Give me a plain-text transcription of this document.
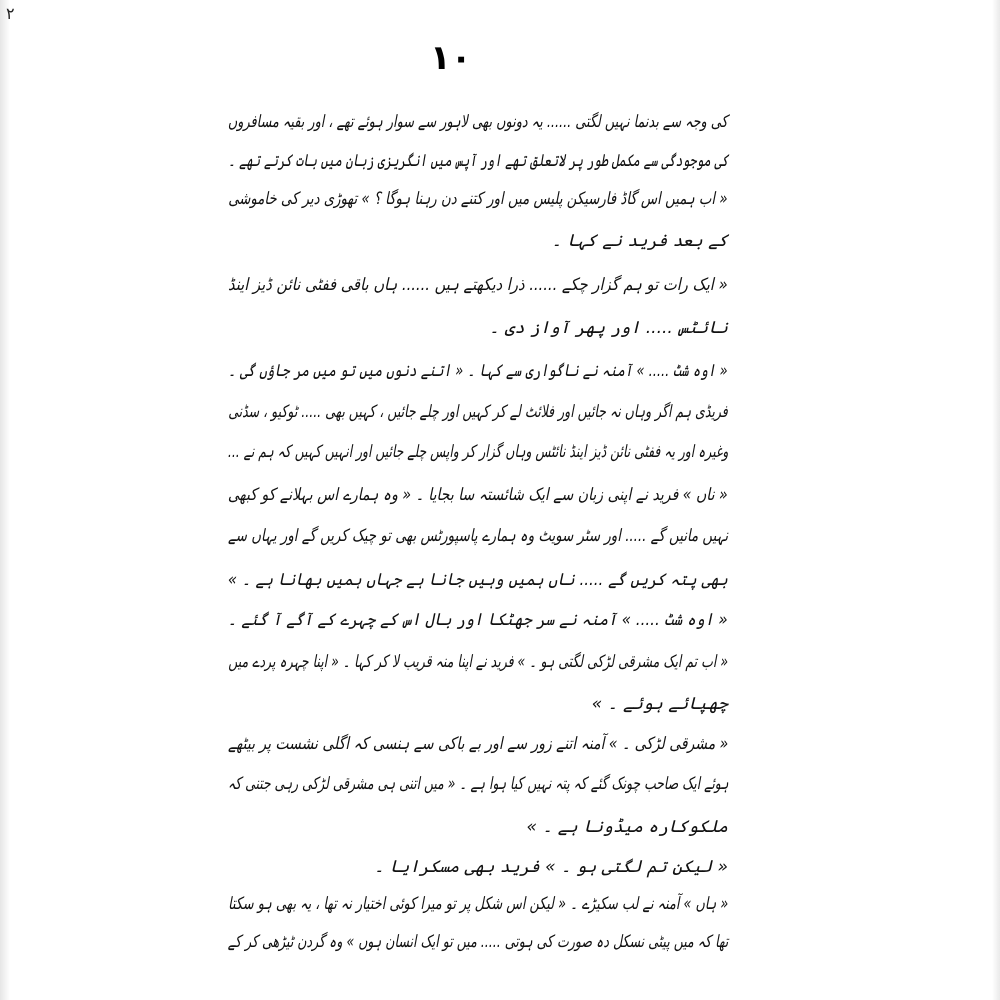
۲
۱۰
کی وجہ سے بدنما نہیں لگتی ...... یہ دونوں بھی لاہور سے سوار ہوئے تھے ، اور بقیہ مسافروں
کی موجودگی سے مکمل طور پر لاتعلق تھے اور آپس میں انگریزی زبان میں بات کرتے تھے ۔
« اب ہمیں اس گاڈ فارسیکن پلیس میں اور کتنے دن رہنا ہوگا ؟ » تھوڑی دیر کی خاموشی
کے بعد فرید نے کہا ۔
« ایک رات تو ہم گزار چکے ...... ذرا دیکھتے ہیں ...... ہاں باقی ففٹی نائن ڈیز اینڈ
نائٹس ..... اور پھر آواز دی ۔
« اوہ شٹ ..... » آمنہ نے ناگواری سے کہا ۔ « اتنے دنوں میں تو میں مر جاؤں گی ۔
فریڈی ہم اگر وہاں نہ جائیں اور فلائٹ لے کر کہیں اور چلے جائیں ، کہیں بھی ..... ٹوکیو ، سڈنی
وغیرہ اور یہ ففٹی نائن ڈیز اینڈ نائٹس وہاں گزار کر واپس چلے جائیں اور انہیں کہیں کہ ہم نے ...
« ناں » فرید نے اپنی زبان سے ایک شائستہ سا بجایا ۔ « وہ ہمارے اس بہلانے کو کبھی
نہیں مانیں گے ..... اور سٹر سویٹ وہ ہمارے پاسپورٹس بھی تو چیک کریں گے اور یہاں سے
بھی پتہ کریں گے ..... ناں ہمیں وہیں جانا ہے جہاں ہمیں بھانا ہے ۔ »
« اوہ شٹ ..... » آمنہ نے سر جھٹکا اور بال اس کے چہرے کے آگے آ گئے ۔
« اب تم ایک مشرقی لڑکی لگتی ہو ۔ » فرید نے اپنا منہ قریب لا کر کہا ۔ « اپنا چہرہ پردے میں
چھپائے ہوئے ۔ »
« مشرقی لڑکی ۔ » آمنہ اتنے زور سے اور بے باکی سے ہنسی کہ اگلی نشست پر بیٹھے
ہوئے ایک صاحب چونک گئے کہ پتہ نہیں کیا ہوا ہے ۔ « میں اتنی ہی مشرقی لڑکی رہی جتنی کہ
ملکوکارہ میڈونا ہے ۔ »
« لیکن تم لگتی ہو ۔ » فرید بھی مسکرایا ۔
« ہاں » آمنہ نے لب سکیڑے ۔ « لیکن اس شکل پر تو میرا کوئی اختیار نہ تھا ، یہ بھی ہو سکتا
تھا کہ میں پیٹی نسکل دہ صورت کی ہوتی ..... میں تو ایک انسان ہوں » وہ گردن ٹیڑھی کر کے
